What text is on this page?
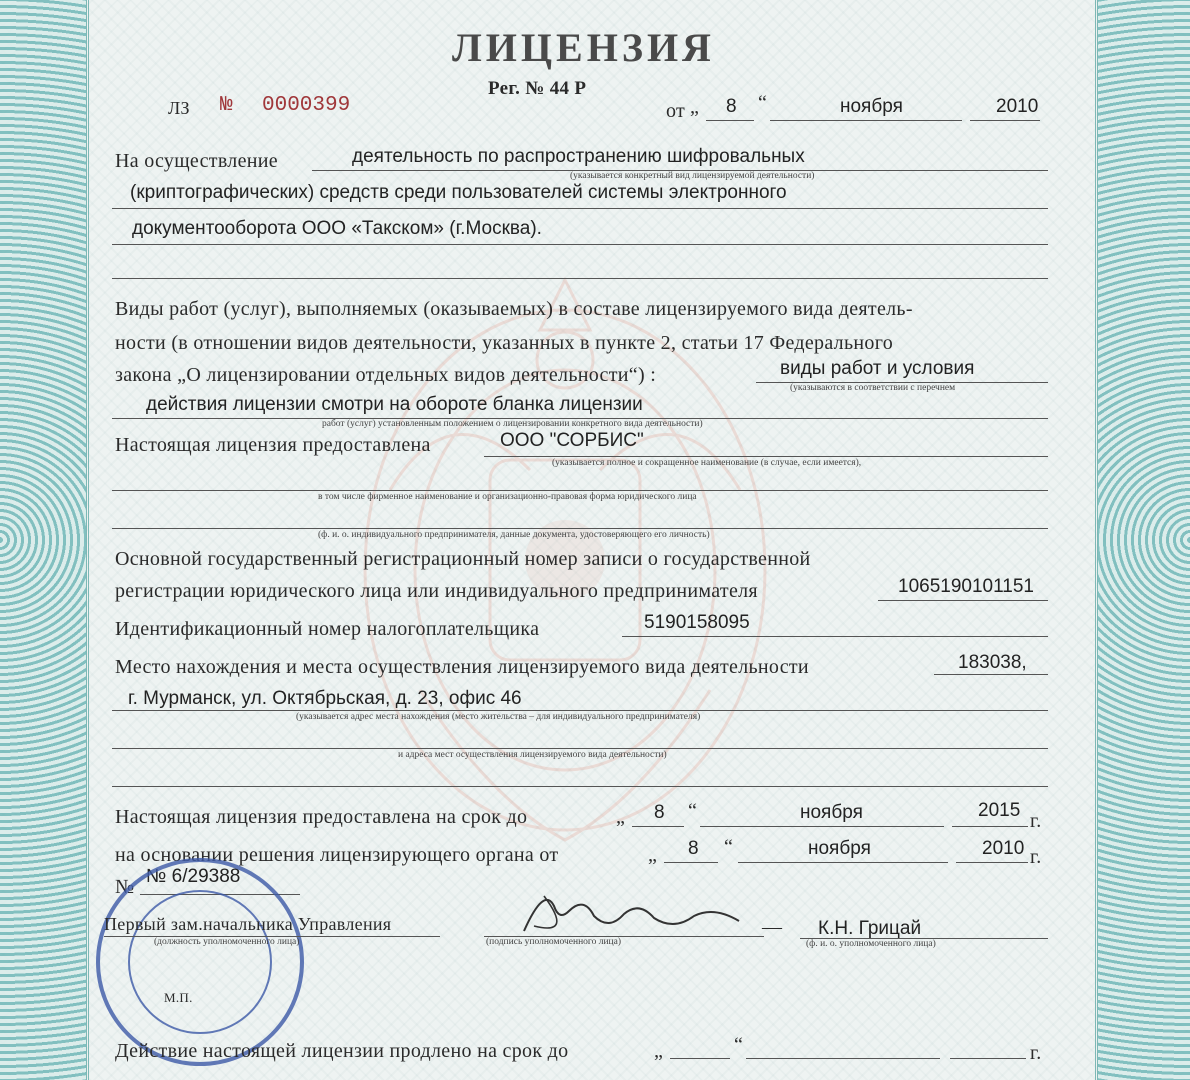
ЛИЦЕНЗИЯ
Рег. № 44 Р
ЛЗ № 0000399	от „ 8 “	ноября	2010
На осуществление	деятельность по распространению шифровальных
(указывается конкретный вид лицензируемой деятельности)
(криптографических) средств среди пользователей системы электронного
документооборота ООО «Такском» (г.Москва).
Виды работ (услуг), выполняемых (оказываемых) в составе лицензируемого вида деятель-
ности (в отношении видов деятельности, указанных в пункте 2, статьи 17 Федерального
закона „О лицензировании отдельных видов деятельности“) :	виды работ и условия
(указываются в соответствии с перечнем
действия лицензии смотри на обороте бланка лицензии
работ (услуг) установленным положением о лицензировании конкретного вида деятельности)
Настоящая лицензия предоставлена	ООО "СОРБИС"
(указывается полное и сокращенное наименование (в случае, если имеется),
в том числе фирменное наименование и организационно-правовая форма юридического лица
(ф. и. о. индивидуального предпринимателя, данные документа, удостоверяющего его личность)
Основной государственный регистрационный номер записи о государственной
регистрации юридического лица или индивидуального предпринимателя	1065190101151
Идентификационный номер налогоплательщика	5190158095
Место нахождения и места осуществления лицензируемого вида деятельности	183038,
г. Мурманск, ул. Октябрьская, д. 23, офис 46
(указывается адрес места нахождения (место жительства – для индивидуального предпринимателя)
и адреса мест осуществления лицензируемого вида деятельности)
Настоящая лицензия предоставлена на срок до	„ 8 “	ноября	2015 г.
на основании решения лицензирующего органа от	„ 8 “	ноября	2010 г.
№ № 6/29388
Первый зам.начальника Управления
(должность уполномоченного лица)	(подпись уполномоченного лица)
— К.Н. Грицай
(ф. и. о. уполномоченного лица)
М.П.
Действие настоящей лицензии продлено на срок до	„	“	г.
